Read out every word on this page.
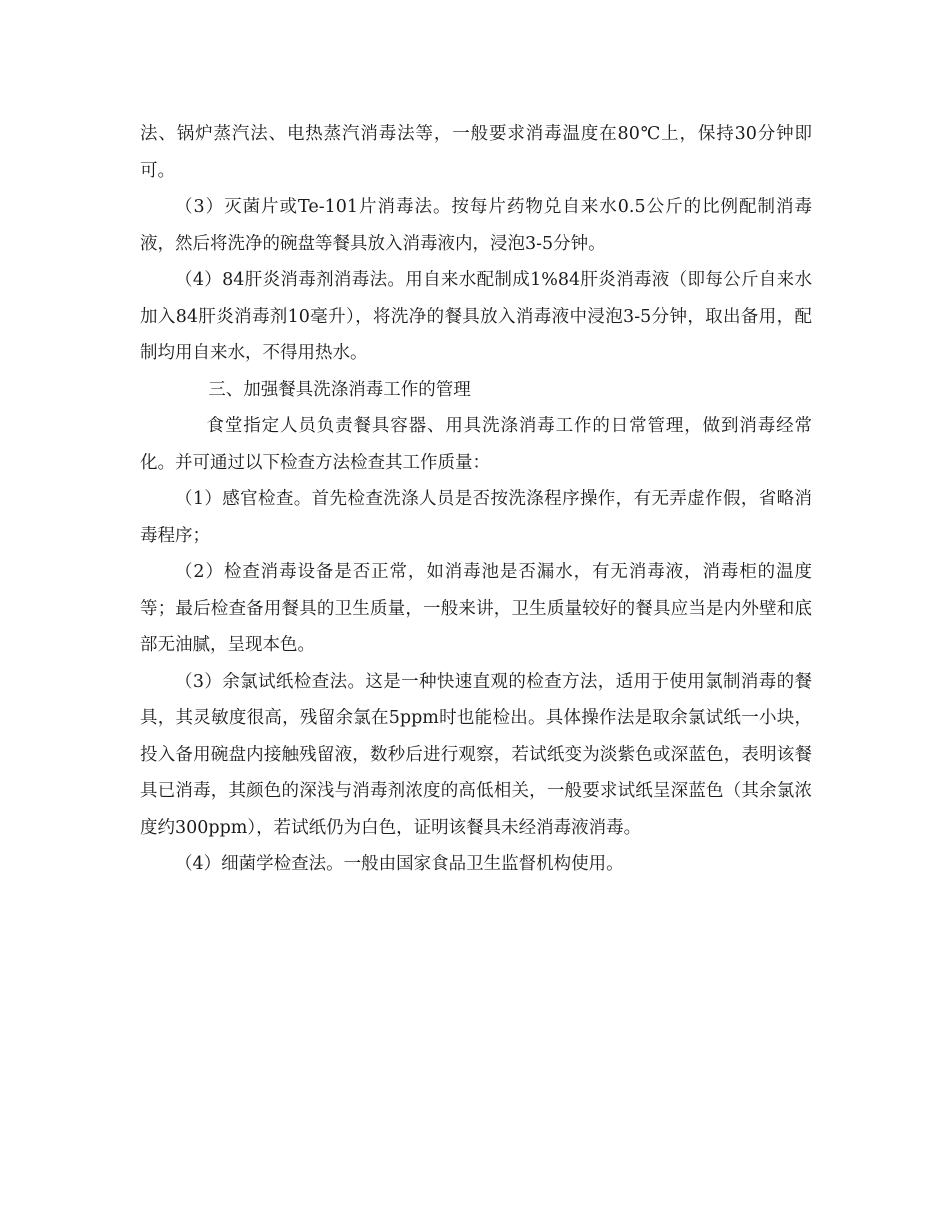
法、锅炉蒸汽法、电热蒸汽消毒法等，一般要求消毒温度在80℃上，保持30分钟即可。

（3）灭菌片或Te-101片消毒法。按每片药物兑自来水0.5公斤的比例配制消毒液，然后将洗净的碗盘等餐具放入消毒液内，浸泡3-5分钟。

（4）84肝炎消毒剂消毒法。用自来水配制成1%84肝炎消毒液（即每公斤自来水加入84肝炎消毒剂10毫升），将洗净的餐具放入消毒液中浸泡3-5分钟，取出备用，配制均用自来水，不得用热水。

三、加强餐具洗涤消毒工作的管理

食堂指定人员负责餐具容器、用具洗涤消毒工作的日常管理，做到消毒经常化。并可通过以下检查方法检查其工作质量：

（1）感官检查。首先检查洗涤人员是否按洗涤程序操作，有无弄虚作假，省略消毒程序；

（2）检查消毒设备是否正常，如消毒池是否漏水，有无消毒液，消毒柜的温度等；最后检查备用餐具的卫生质量，一般来讲，卫生质量较好的餐具应当是内外壁和底部无油腻，呈现本色。

（3）余氯试纸检查法。这是一种快速直观的检查方法，适用于使用氯制消毒的餐具，其灵敏度很高，残留余氯在5ppm时也能检出。具体操作法是取余氯试纸一小块，投入备用碗盘内接触残留液，数秒后进行观察，若试纸变为淡紫色或深蓝色，表明该餐具已消毒，其颜色的深浅与消毒剂浓度的高低相关，一般要求试纸呈深蓝色（其余氯浓度约300ppm），若试纸仍为白色，证明该餐具未经消毒液消毒。

（4）细菌学检查法。一般由国家食品卫生监督机构使用。
